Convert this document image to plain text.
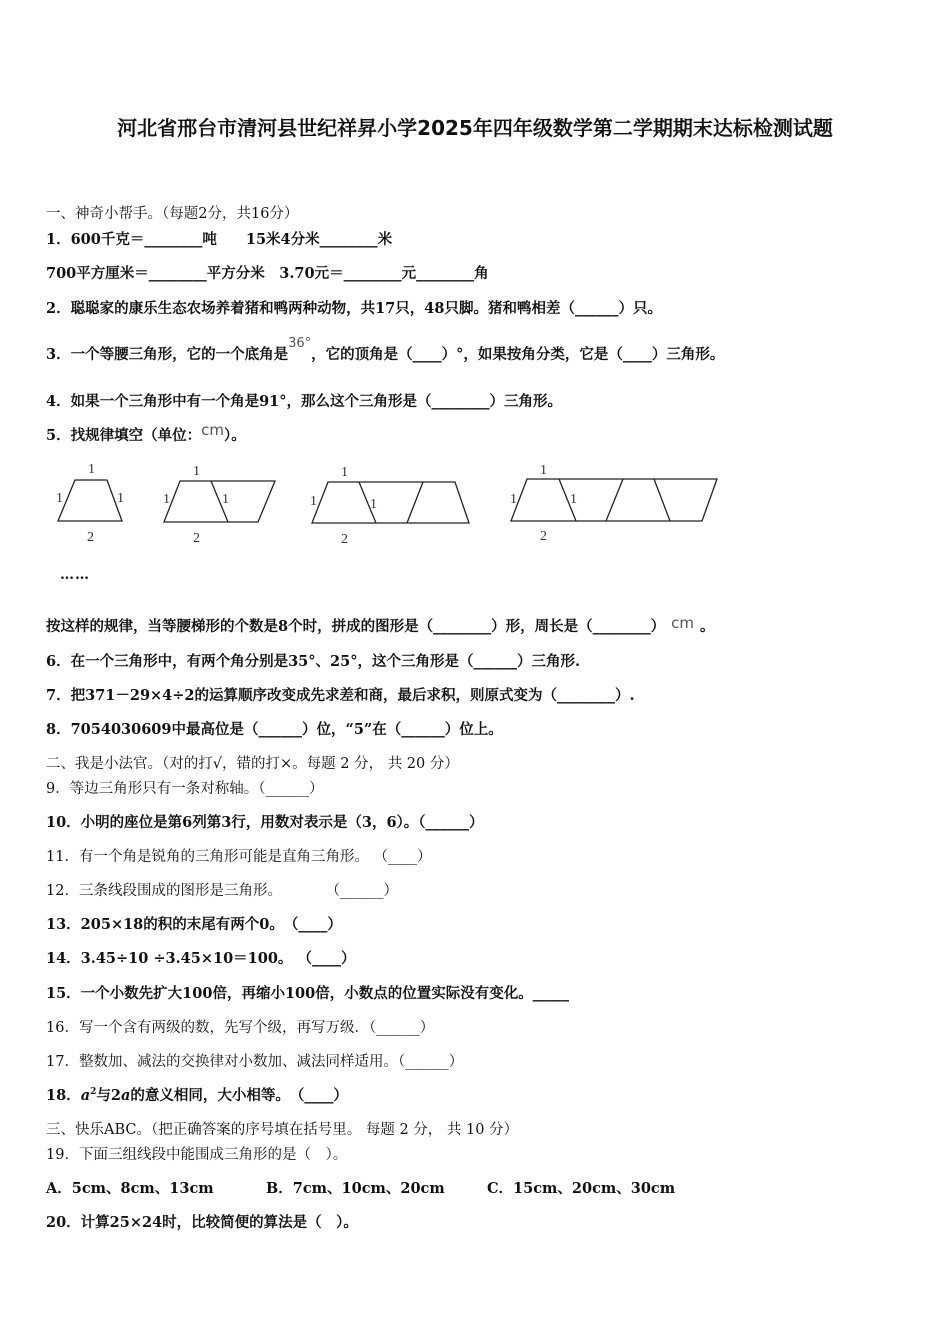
河北省邢台市清河县世纪祥昇小学2025年四年级数学第二学期期末达标检测试题
一、神奇小帮手。（每题2分，共16分）
1．600千克＝________吨　　15米4分米________米
700平方厘米＝________平方分米　3.70元＝________元________角
2．聪聪家的康乐生态农场养着猪和鸭两种动物，共17只，48只脚。猪和鸭相差（______）只。
3．一个等腰三角形，它的一个底角是36°，它的顶角是（____）°，如果按角分类，它是（____）三角形。
4．如果一个三角形中有一个角是91°，那么这个三角形是（________）三角形。
5．找规律填空（单位：cm）。
1
1	1
2
1
1	1
2
1
1	1
2
1
1	1
2
……
按这样的规律，当等腰梯形的个数是8个时，拼成的图形是（________）形，周长是（________） cm 。
6．在一个三角形中，有两个角分别是35°、25°，这个三角形是（______）三角形.
7．把371－29×4÷2的运算顺序改变成先求差和商，最后求积，则原式变为（________）.
8．7054030609中最高位是（______）位，“5”在（______）位上。
二、我是小法官。（对的打√，错的打×。每题 2 分， 共 20 分）
9．等边三角形只有一条对称轴。（______）
10．小明的座位是第6列第3行，用数对表示是（3，6）。（______）
11．有一个角是锐角的三角形可能是直角三角形。 （____）
12．三条线段围成的图形是三角形。　　　　（______）
13．205×18的积的末尾有两个0。　（____）
14．3.45÷10 ÷3.45×10＝100。 （____）
15．一个小数先扩大100倍，再缩小100倍，小数点的位置实际没有变化。_____
16．写一个含有两级的数，先写个级，再写万级．（______）
17．整数加、减法的交换律对小数加、减法同样适用。（______）
18．$a^2$与2a的意义相同，大小相等。　（____）
三、快乐ABC。（把正确答案的序号填在括号里。 每题 2 分， 共 10 分）
19．下面三组线段中能围成三角形的是（　）。
A．5cm、8cm、13cm	B．7cm、10cm、20cm	C．15cm、20cm、30cm
20．计算25×24时，比较简便的算法是（　）。
